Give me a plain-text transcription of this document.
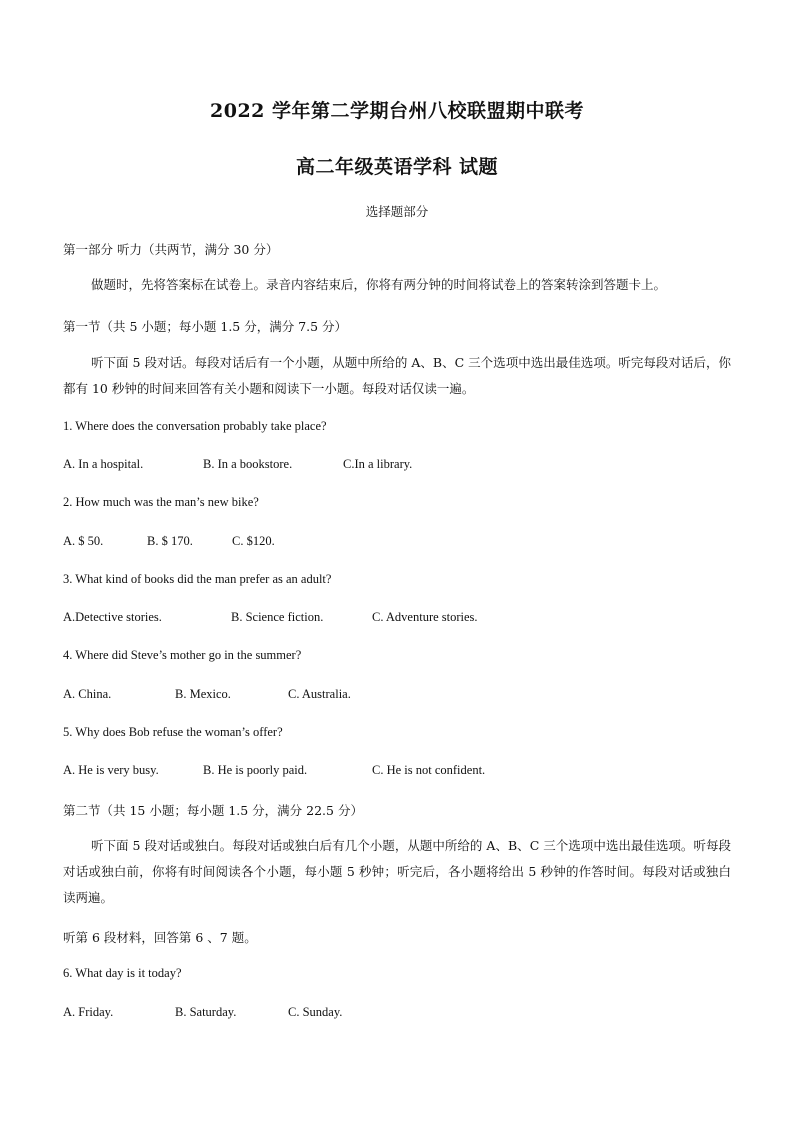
2022 学年第二学期台州八校联盟期中联考
高二年级英语学科 试题
选择题部分
第一部分 听力（共两节，满分 30 分）
做题时，先将答案标在试卷上。录音内容结束后，你将有两分钟的时间将试卷上的答案转涂到答题卡上。
第一节（共 5 小题；每小题 1.5 分，满分 7.5 分）
听下面 5 段对话。每段对话后有一个小题，从题中所给的 A、B、C 三个选项中选出最佳选项。听完每段对话后，你都有 10 秒钟的时间来回答有关小题和阅读下一小题。每段对话仅读一遍。
1. Where does the conversation probably take place?
A. In a hospital.	B. In a bookstore.	C.In a library.
2. How much was the man’s new bike?
A. $ 50.	B. $ 170.	C. $120.
3. What kind of books did the man prefer as an adult?
A.Detective stories.	B. Science fiction.	C. Adventure stories.
4. Where did Steve’s mother go in the summer?
A. China.	B. Mexico.	C. Australia.
5. Why does Bob refuse the woman’s offer?
A. He is very busy.	B. He is poorly paid.	C. He is not confident.
第二节（共 15 小题；每小题 1.5 分，满分 22.5 分）
听下面 5 段对话或独白。每段对话或独白后有几个小题，从题中所给的 A、B、C 三个选项中选出最佳选项。听每段对话或独白前，你将有时间阅读各个小题，每小题 5 秒钟；听完后，各小题将给出 5 秒钟的作答时间。每段对话或独白读两遍。
听第 6 段材料，回答第 6 、7 题。
6. What day is it today?
A. Friday.	B. Saturday.	C. Sunday.
